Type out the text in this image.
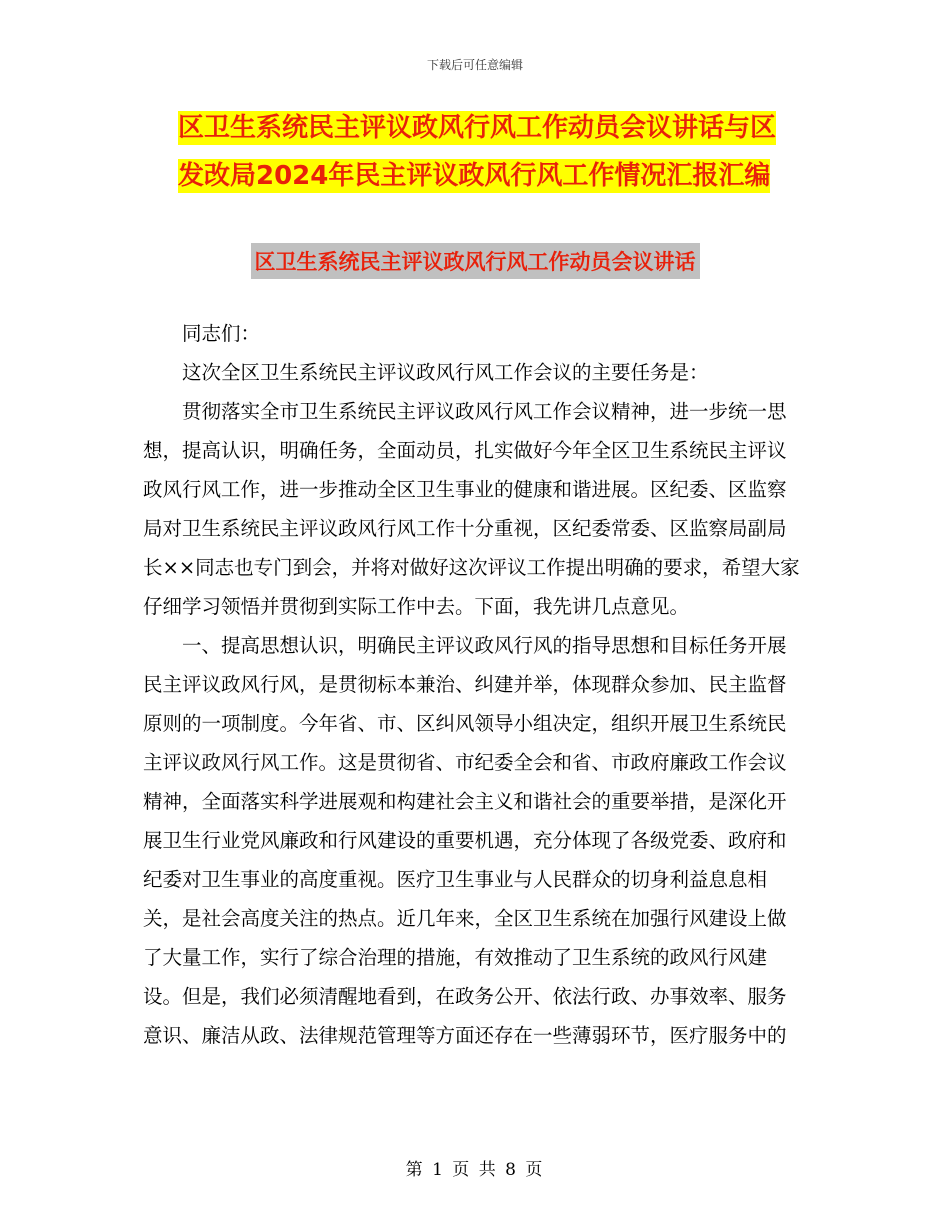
下载后可任意编辑
区卫生系统民主评议政风行风工作动员会议讲话与区
发改局2024年民主评议政风行风工作情况汇报汇编
区卫生系统民主评议政风行风工作动员会议讲话

同志们：

这次全区卫生系统民主评议政风行风工作会议的主要任务是：

贯彻落实全市卫生系统民主评议政风行风工作会议精神，进一步统一思想，提高认识，明确任务，全面动员，扎实做好今年全区卫生系统民主评议政风行风工作，进一步推动全区卫生事业的健康和谐进展。区纪委、区监察局对卫生系统民主评议政风行风工作十分重视，区纪委常委、区监察局副局长××同志也专门到会，并将对做好这次评议工作提出明确的要求，希望大家仔细学习领悟并贯彻到实际工作中去。下面，我先讲几点意见。

一、提高思想认识，明确民主评议政风行风的指导思想和目标任务开展民主评议政风行风，是贯彻标本兼治、纠建并举，体现群众参加、民主监督原则的一项制度。今年省、市、区纠风领导小组决定，组织开展卫生系统民主评议政风行风工作。这是贯彻省、市纪委全会和省、市政府廉政工作会议精神，全面落实科学进展观和构建社会主义和谐社会的重要举措，是深化开展卫生行业党风廉政和行风建设的重要机遇，充分体现了各级党委、政府和纪委对卫生事业的高度重视。医疗卫生事业与人民群众的切身利益息息相关，是社会高度关注的热点。近几年来，全区卫生系统在加强行风建设上做了大量工作，实行了综合治理的措施，有效推动了卫生系统的政风行风建设。但是，我们必须清醒地看到，在政务公开、依法行政、办事效率、服务意识、廉洁从政、法律规范管理等方面还存在一些薄弱环节，医疗服务中的

第 1 页 共 8 页
